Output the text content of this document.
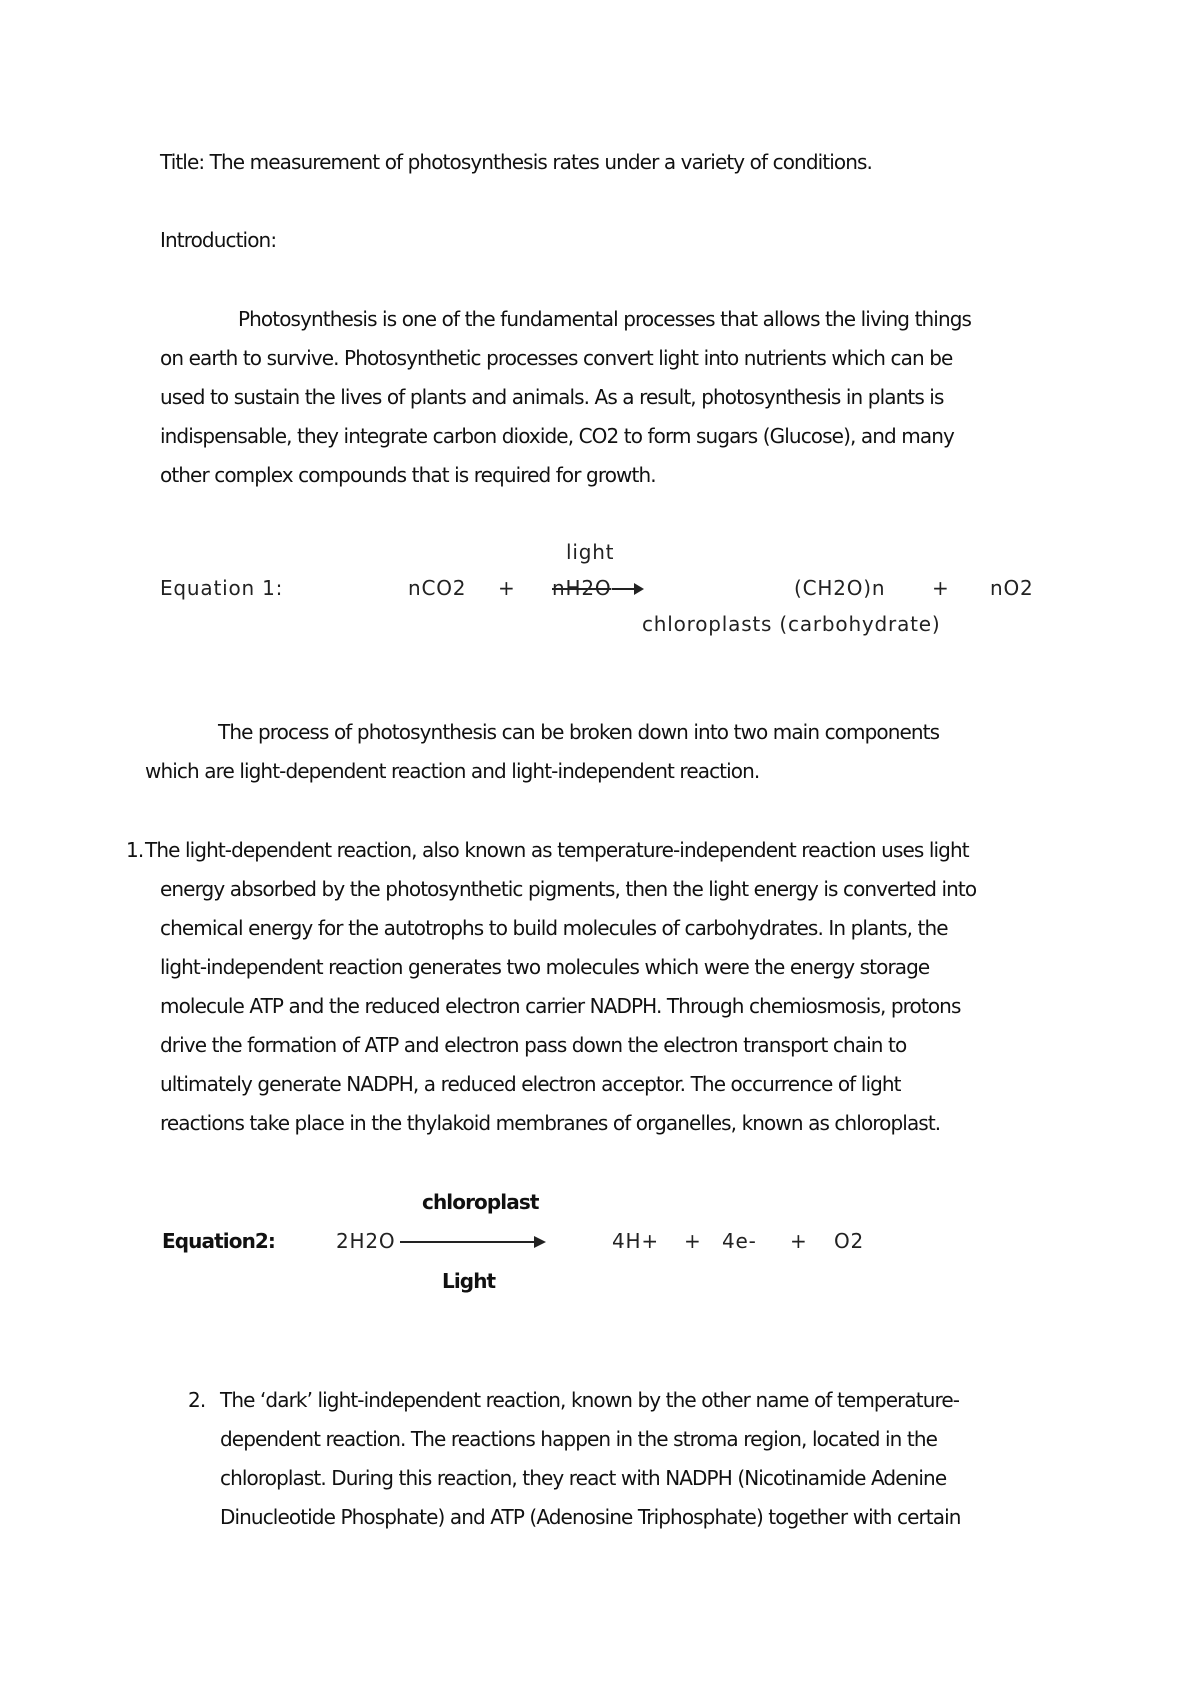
Title: The measurement of photosynthesis rates under a variety of conditions.
Introduction:
Photosynthesis is one of the fundamental processes that allows the living things
on earth to survive. Photosynthetic processes convert light into nutrients which can be
used to sustain the lives of plants and animals. As a result, photosynthesis in plants is
indispensable, they integrate carbon dioxide, CO2 to form sugars (Glucose), and many
other complex compounds that is required for growth.
light
Equation 1:	nCO2 + nH2O	(CH2O)n + nO2
chloroplasts (carbohydrate)
The process of photosynthesis can be broken down into two main components
which are light-dependent reaction and light-independent reaction.
1. The light-dependent reaction, also known as temperature-independent reaction uses light
energy absorbed by the photosynthetic pigments, then the light energy is converted into
chemical energy for the autotrophs to build molecules of carbohydrates. In plants, the
light-independent reaction generates two molecules which were the energy storage
molecule ATP and the reduced electron carrier NADPH. Through chemiosmosis, protons
drive the formation of ATP and electron pass down the electron transport chain to
ultimately generate NADPH, a reduced electron acceptor. The occurrence of light
reactions take place in the thylakoid membranes of organelles, known as chloroplast.
chloroplast
Equation2:	2H2O	4H+ + 4e- + O2
Light
2. The ‘dark’ light-independent reaction, known by the other name of temperature-
dependent reaction. The reactions happen in the stroma region, located in the
chloroplast. During this reaction, they react with NADPH (Nicotinamide Adenine
Dinucleotide Phosphate) and ATP (Adenosine Triphosphate) together with certain
